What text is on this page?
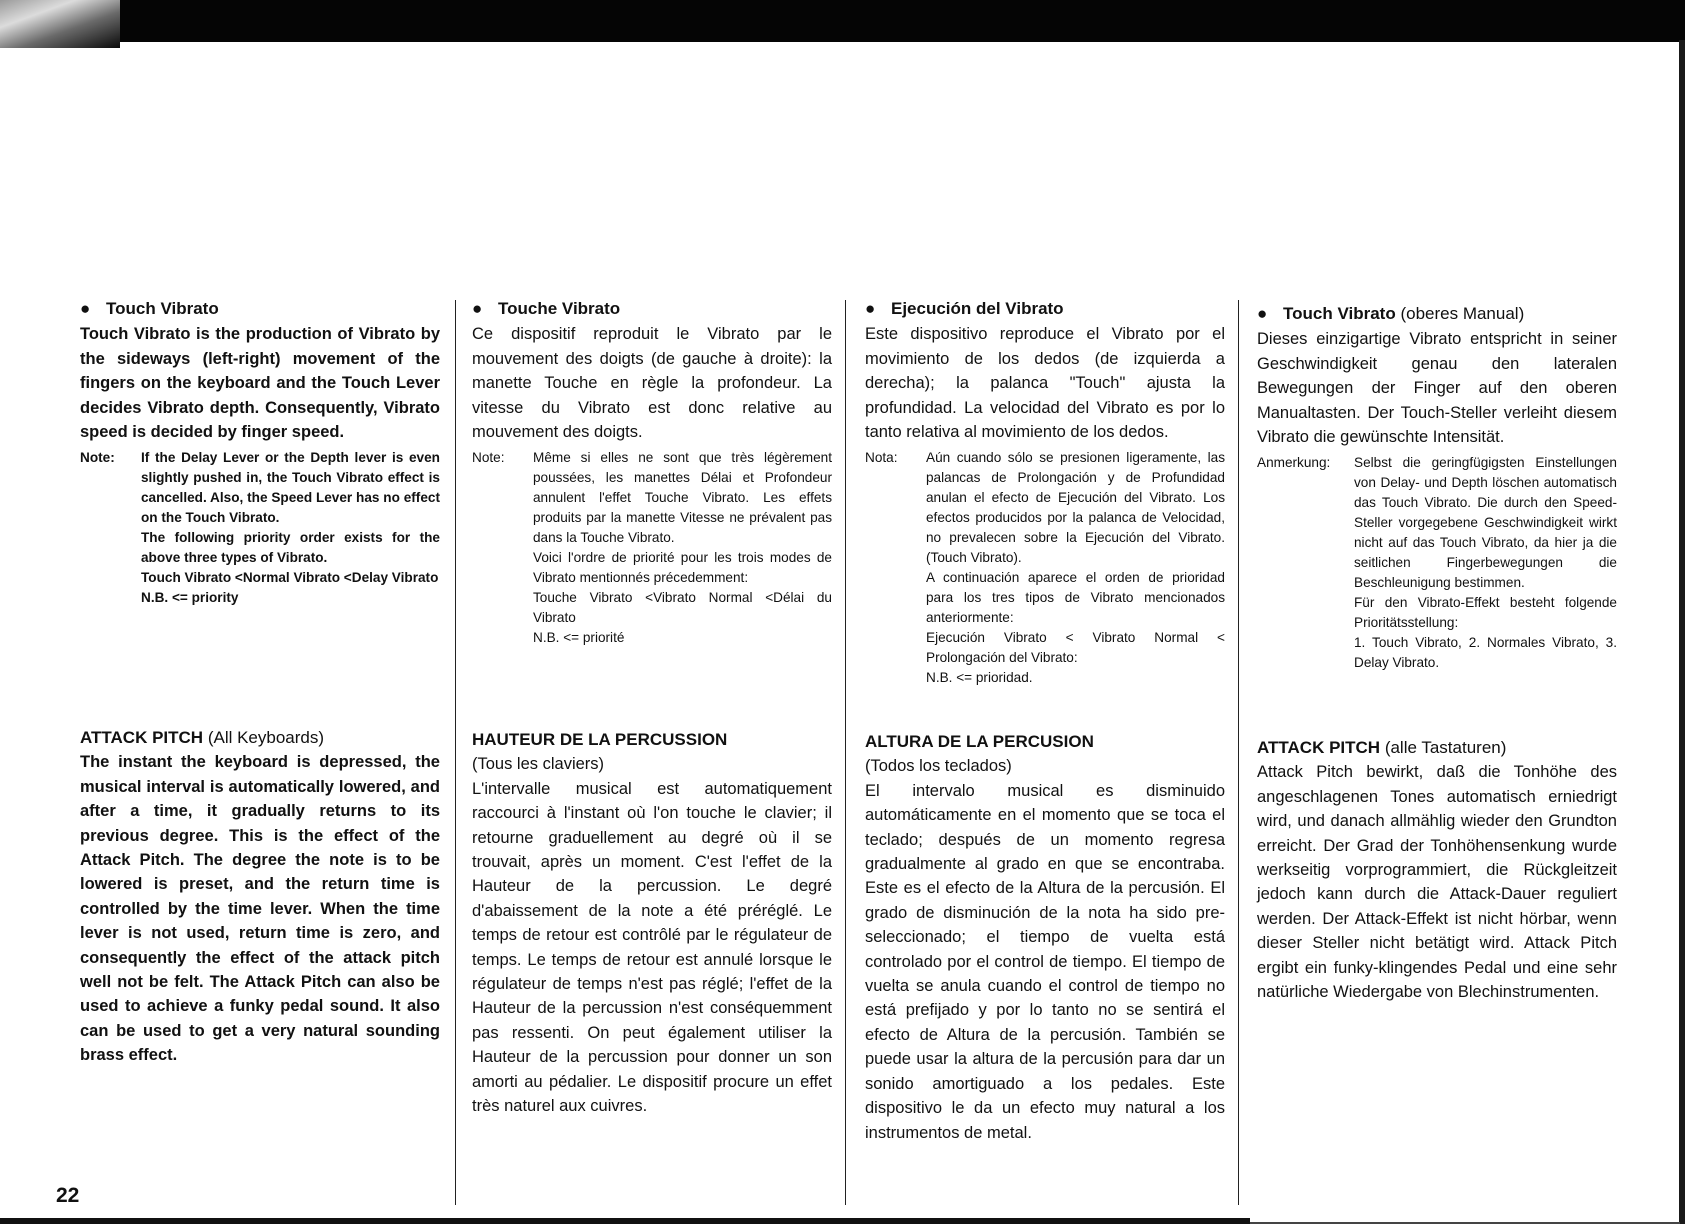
● Touch Vibrato

Touch Vibrato is the production of Vibrato by the sideways (left-right) movement of the fingers on the keyboard and the Touch Lever decides Vibrato depth. Consequently, Vibrato speed is decided by finger speed.

Note:	If the Delay Lever or the Depth lever is even slightly pushed in, the Touch Vibrato effect is cancelled. Also, the Speed Lever has no effect on the Touch Vibrato.

The following priority order exists for the above three types of Vibrato.

Touch Vibrato <Normal Vibrato <Delay Vibrato

N.B. <= priority

ATTACK PITCH (All Keyboards)

The instant the keyboard is depressed, the musical interval is automatically lowered, and after a time, it gradually returns to its previous degree. This is the effect of the Attack Pitch. The degree the note is to be lowered is preset, and the return time is controlled by the time lever. When the time lever is not used, return time is zero, and consequently the effect of the attack pitch well not be felt. The Attack Pitch can also be used to achieve a funky pedal sound. It also can be used to get a very natural sounding brass effect.

● Touche Vibrato

Ce dispositif reproduit le Vibrato par le mouvement des doigts (de gauche à droite): la manette Touche en règle la profondeur. La vitesse du Vibrato est donc relative au mouvement des doigts.

Note:	Même si elles ne sont que très légèrement poussées, les manettes Délai et Profondeur annulent l'effet Touche Vibrato. Les effets produits par la manette Vitesse ne prévalent pas dans la Touche Vibrato.

Voici l'ordre de priorité pour les trois modes de Vibrato mentionnés précedemment:

Touche Vibrato <Vibrato Normal <Délai du Vibrato

N.B. <= priorité

HAUTEUR DE LA PERCUSSION
(Tous les claviers)

L'intervalle musical est automatiquement raccourci à l'instant où l'on touche le clavier; il retourne graduellement au degré où il se trouvait, après un moment. C'est l'effet de la Hauteur de la percussion. Le degré d'abaissement de la note a été préréglé. Le temps de retour est contrôlé par le régulateur de temps. Le temps de retour est annulé lorsque le régulateur de temps n'est pas réglé; l'effet de la Hauteur de la percussion n'est conséquemment pas ressenti. On peut également utiliser la Hauteur de la percussion pour donner un son amorti au pédalier. Le dispositif procure un effet très naturel aux cuivres.

● Ejecución del Vibrato

Este dispositivo reproduce el Vibrato por el movimiento de los dedos (de izquierda a derecha); la palanca "Touch" ajusta la profundidad. La velocidad del Vibrato es por lo tanto relativa al movimiento de los dedos.

Nota:	Aún cuando sólo se presionen ligeramente, las palancas de Prolongación y de Profundidad anulan el efecto de Ejecución del Vibrato. Los efectos producidos por la palanca de Velocidad, no prevalecen sobre la Ejecución del Vibrato. (Touch Vibrato).

A continuación aparece el orden de prioridad para los tres tipos de Vibrato mencionados anteriormente:

Ejecución Vibrato < Vibrato Normal < Prolongación del Vibrato:

N.B. <= prioridad.

ALTURA DE LA PERCUSION
(Todos los teclados)

El intervalo musical es disminuido automáticamente en el momento que se toca el teclado; después de un momento regresa gradualmente al grado en que se encontraba. Este es el efecto de la Altura de la percusión. El grado de disminución de la nota ha sido pre-seleccionado; el tiempo de vuelta está controlado por el control de tiempo. El tiempo de vuelta se anula cuando el control de tiempo no está prefijado y por lo tanto no se sentirá el efecto de Altura de la percusión. También se puede usar la altura de la percusión para dar un sonido amortiguado a los pedales. Este dispositivo le da un efecto muy natural a los instrumentos de metal.

● Touch Vibrato (oberes Manual)

Dieses einzigartige Vibrato entspricht in seiner Geschwindigkeit genau den lateralen Bewegungen der Finger auf den oberen Manualtasten. Der Touch-Steller verleiht diesem Vibrato die gewünschte Intensität.

Anmerkung:	Selbst die geringfügigsten Einstellungen von Delay- und Depth löschen automatisch das Touch Vibrato. Die durch den Speed-Steller vorgegebene Geschwindigkeit wirkt nicht auf das Touch Vibrato, da hier ja die seitlichen Fingerbewegungen die Beschleunigung bestimmen.

Für den Vibrato-Effekt besteht folgende Prioritätsstellung:

1. Touch Vibrato, 2. Normales Vibrato, 3. Delay Vibrato.

ATTACK PITCH (alle Tastaturen)

Attack Pitch bewirkt, daß die Tonhöhe des angeschlagenen Tones automatisch erniedrigt wird, und danach allmählig wieder den Grundton erreicht. Der Grad der Tonhöhensenkung wurde werkseitig vorprogrammiert, die Rückgleitzeit jedoch kann durch die Attack-Dauer reguliert werden. Der Attack-Effekt ist nicht hörbar, wenn dieser Steller nicht betätigt wird. Attack Pitch ergibt ein funky-klingendes Pedal und eine sehr natürliche Wiedergabe von Blechinstrumenten.

22
